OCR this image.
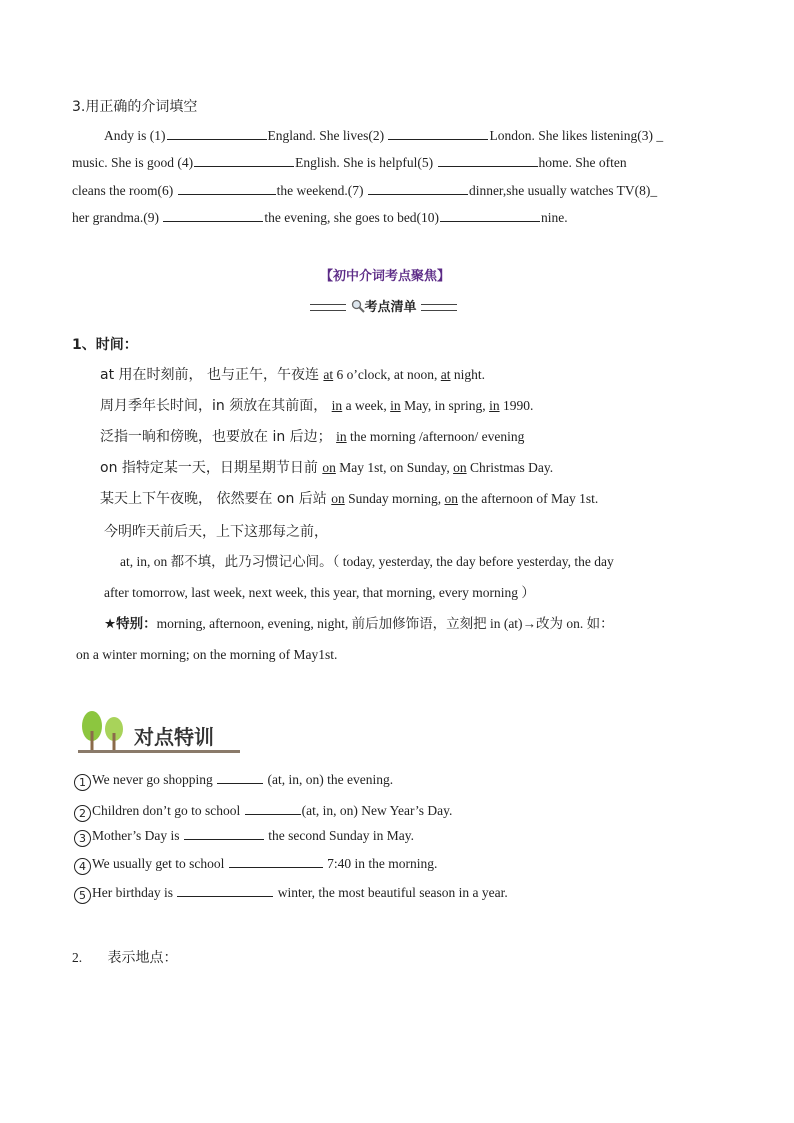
3.用正确的介词填空
Andy is (1)	England. She lives(2)	London. She likes listening(3) _
music. She is good (4)	English. She is helpful(5)	home. She often
cleans the room(6)	the weekend.(7)	dinner,she usually watches TV(8)_
her grandma.(9)	the evening, she goes to bed(10)	nine.
【初中介词考点聚焦】
考点清单
1、时间：
at 用在时刻前， 也与正午，午夜连 at 6 o’clock, at noon, at night.
周月季年长时间，in 须放在其前面， in a week, in May, in spring, in 1990.
泛指一晌和傍晚，也要放在 in 后边； in the morning /afternoon/ evening
on 指特定某一天，日期星期节日前 on May 1st, on Sunday, on Christmas Day.
某天上下午夜晚， 依然要在 on 后站 on Sunday morning, on the afternoon of May 1st.
今明昨天前后天，上下这那每之前，
at, in, on 都不填，此乃习惯记心间。（ today, yesterday, the day before yesterday, the day
after tomorrow, last week, next week, this year, that morning, every morning ）
★特别：morning, afternoon, evening, night, 前后加修饰语，立刻把 in (at)→改为 on. 如：
on a winter morning; on the morning of May1st.
对点特训
1 We never go shopping	(at, in, on) the evening.
2 Children don’t go to school	(at, in, on) New Year’s Day.
3 Mother’s Day is	the second Sunday in May.
4 We usually get to school	7:40 in the morning.
5 Her birthday is	winter, the most beautiful season in a year.
2. 表示地点：
